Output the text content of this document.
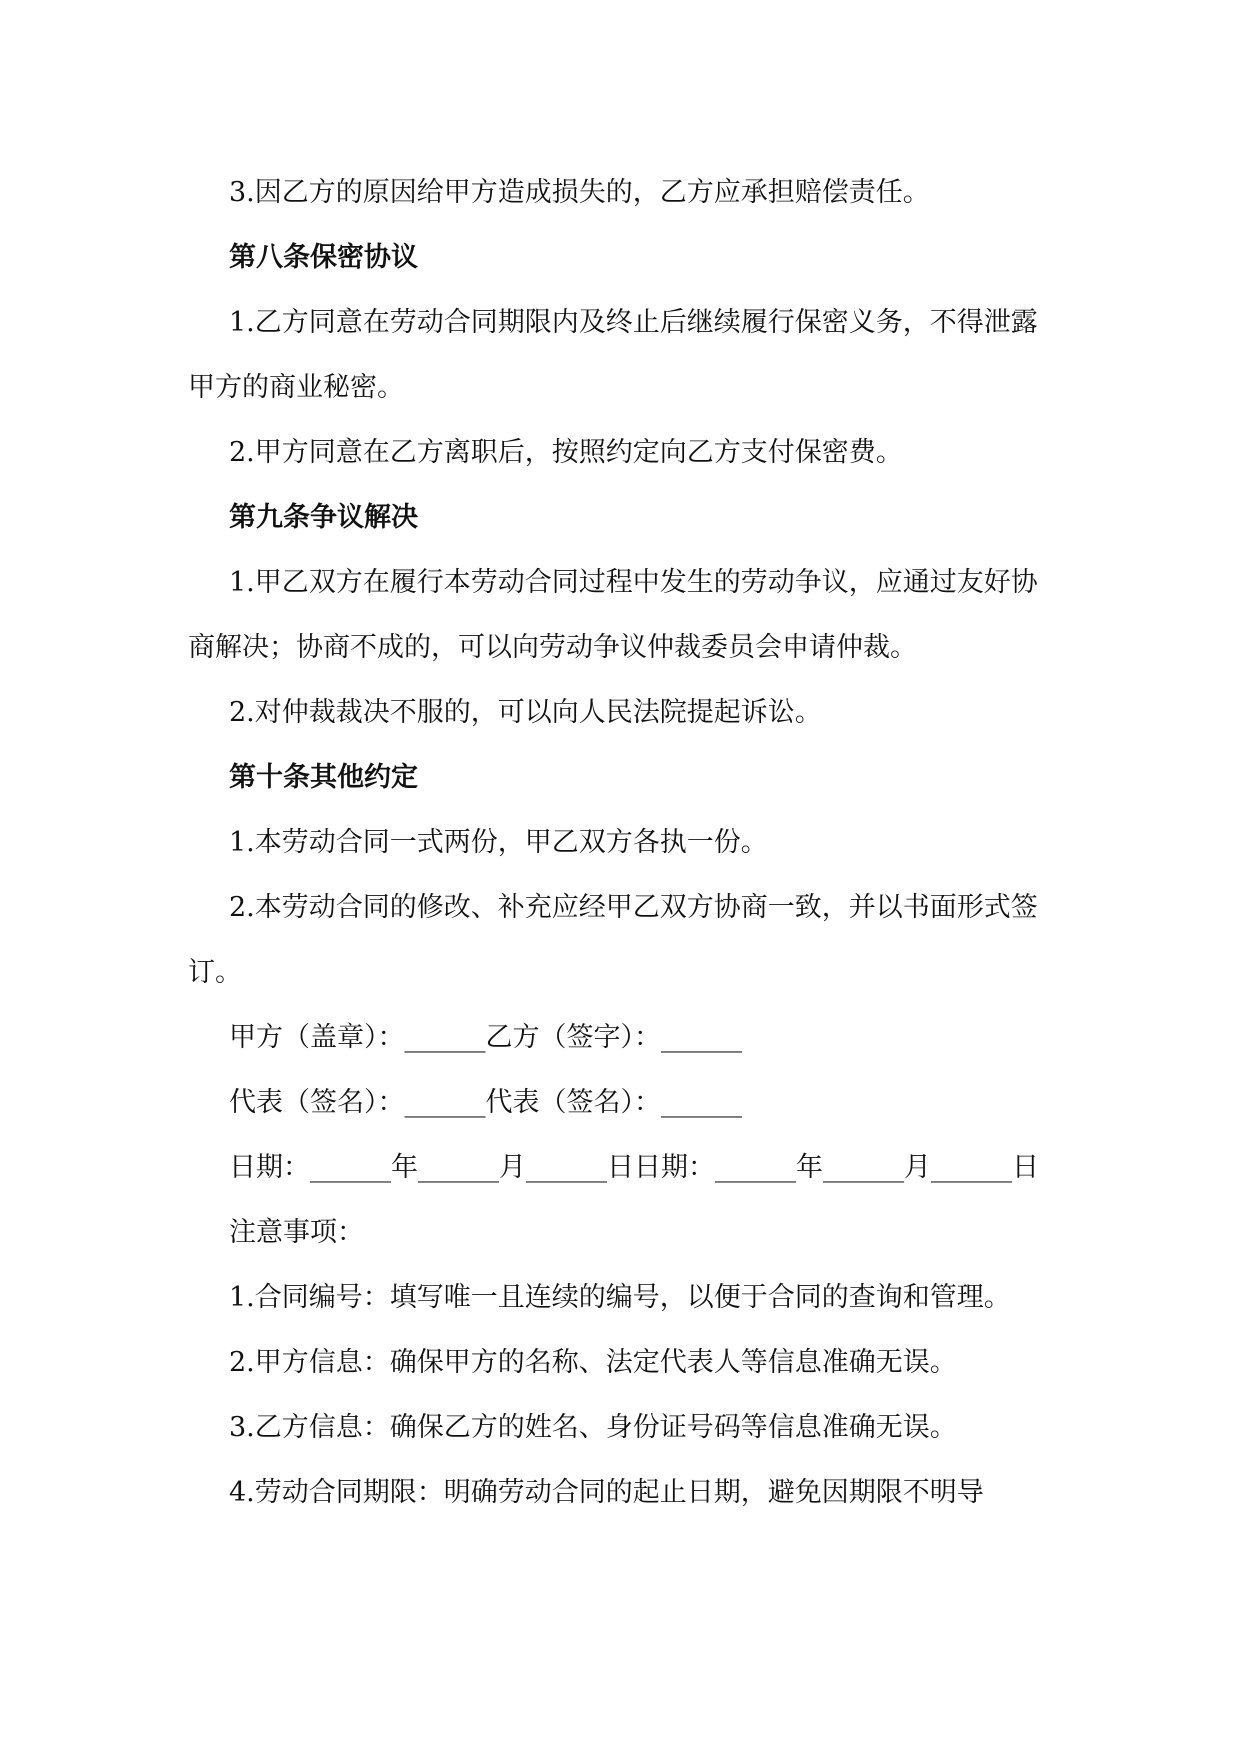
3.因乙方的原因给甲方造成损失的，乙方应承担赔偿责任。

第八条保密协议

1.乙方同意在劳动合同期限内及终止后继续履行保密义务，不得泄露甲方的商业秘密。

2.甲方同意在乙方离职后，按照约定向乙方支付保密费。

第九条争议解决

1.甲乙双方在履行本劳动合同过程中发生的劳动争议，应通过友好协商解决；协商不成的，可以向劳动争议仲裁委员会申请仲裁。

2.对仲裁裁决不服的，可以向人民法院提起诉讼。

第十条其他约定

1.本劳动合同一式两份，甲乙双方各执一份。

2.本劳动合同的修改、补充应经甲乙双方协商一致，并以书面形式签订。

甲方（盖章）：______乙方（签字）：______

代表（签名）：______代表（签名）：______

日期：______年______月______日日期：______年______月______日

注意事项：

1.合同编号：填写唯一且连续的编号，以便于合同的查询和管理。

2.甲方信息：确保甲方的名称、法定代表人等信息准确无误。

3.乙方信息：确保乙方的姓名、身份证号码等信息准确无误。

4.劳动合同期限：明确劳动合同的起止日期，避免因期限不明导
